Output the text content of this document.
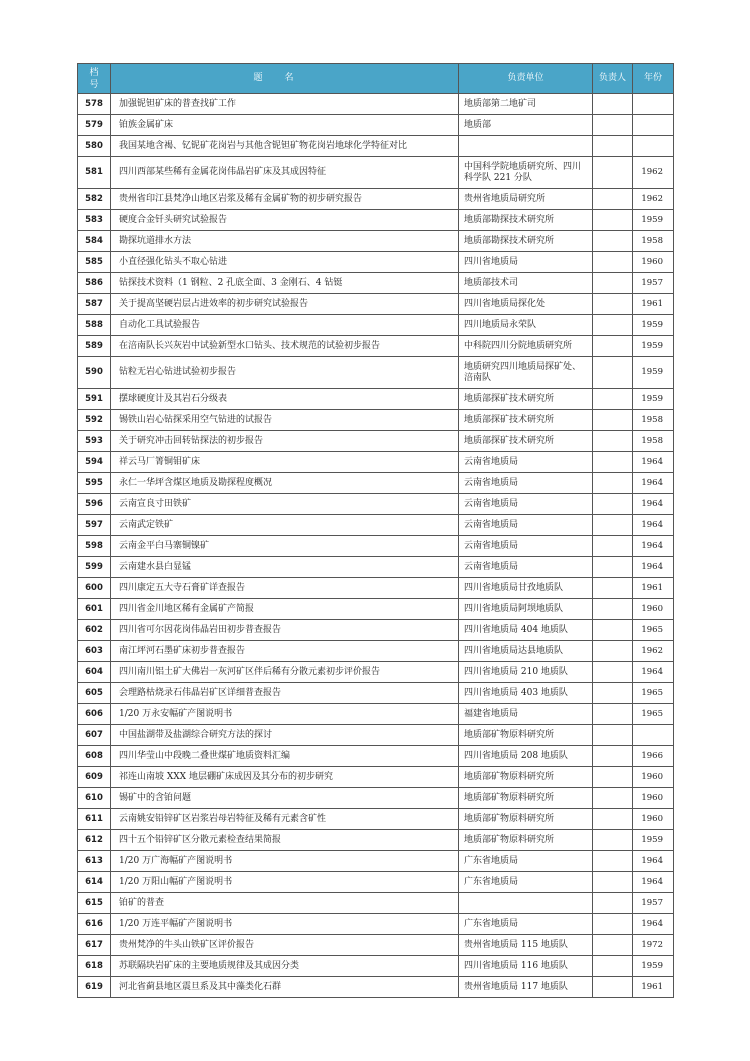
档
号	题名	负责单位	负责人	年份
578	加强铌钽矿床的普查找矿工作	地质部第二地矿司		
579	铂族金属矿床	地质部		
580	我国某地含褐、钇铌矿花岗岩与其他含铌钽矿物花岗岩地球化学特征对比			
581	四川西部某些稀有金属花岗伟晶岩矿床及其成因特征	中国科学院地质研究所、四川科学队 221 分队		1962
582	贵州省印江县梵净山地区岩浆及稀有金属矿物的初步研究报告	贵州省地质局研究所		1962
583	硬度合金钎头研究试验报告	地质部勘探技术研究所		1959
584	勘探坑道排水方法	地质部勘探技术研究所		1958
585	小直径强化钻头不取心钻进	四川省地质局		1960
586	钻探技术资料（1 钢粒、2 孔底全面、3 金刚石、4 钻铤	地质部技术司		1957
587	关于提高坚硬岩层占进效率的初步研究试验报告	四川省地质局探化处		1961
588	自动化工具试验报告	四川地质局永荣队		1959
589	在涪南队长兴灰岩中试验新型水口钻头、技术规范的试验初步报告	中科院四川分院地质研究所		1959
590	钻粒无岩心钻进试验初步报告	地质研究四川地质局探矿处、涪南队		1959
591	摆球硬度计及其岩石分级表	地质部探矿技术研究所		1959
592	锡铁山岩心钻探采用空气钻进的试报告	地质部探矿技术研究所		1958
593	关于研究冲击回转钻探法的初步报告	地质部探矿技术研究所		1958
594	祥云马厂箐铜钼矿床	云南省地质局		1964
595	永仁一华坪含煤区地质及勘探程度概况	云南省地质局		1964
596	云南宣良寸田铁矿	云南省地质局		1964
597	云南武定铁矿	云南省地质局		1964
598	云南金平白马寨铜镍矿	云南省地质局		1964
599	云南建水县白显锰	云南省地质局		1964
600	四川康定五大寺石膏矿详查报告	四川省地质局甘孜地质队		1961
601	四川省金川地区稀有金属矿产简报	四川省地质局阿坝地质队		1960
602	四川省可尔因花岗伟晶岩田初步普查报告	四川省地质局 404 地质队		1965
603	南江坪河石墨矿床初步普查报告	四川省地质局达县地质队		1962
604	四川南川铝土矿大佛岩一灰河矿区伴后稀有分散元素初步评价报告	四川省地质局 210 地质队		1964
605	会理路枯烧录石伟晶岩矿区详细普查报告	四川省地质局 403 地质队		1965
606	1/20 万永安幅矿产图说明书	福建省地质局		1965
607	中国盐湖带及盐湖综合研究方法的探讨	地质部矿物原料研究所		
608	四川华莹山中段晚二叠世煤矿地质资料汇编	四川省地质局 208 地质队		1966
609	祁连山南坡 XXX 地层硼矿床成因及其分布的初步研究	地质部矿物原料研究所		1960
610	锡矿中的含铂问题	地质部矿物原料研究所		1960
611	云南姚安铅锌矿区岩浆岩母岩特征及稀有元素含矿性	地质部矿物原料研究所		1960
612	四十五个铅锌矿区分散元素检查结果简报	地质部矿物原料研究所		1959
613	1/20 万广海幅矿产图说明书	广东省地质局		1964
614	1/20 万阳山幅矿产图说明书	广东省地质局		1964
615	铂矿的普查			1957
616	1/20 万连平幅矿产图说明书	广东省地质局		1964
617	贵州梵净的牛头山铁矿区评价报告	贵州省地质局 115 地质队		1972
618	苏联隔块岩矿床的主要地质规律及其成因分类	四川省地质局 116 地质队		1959
619	河北省蓟县地区震旦系及其中藻类化石群	贵州省地质局 117 地质队		1961
